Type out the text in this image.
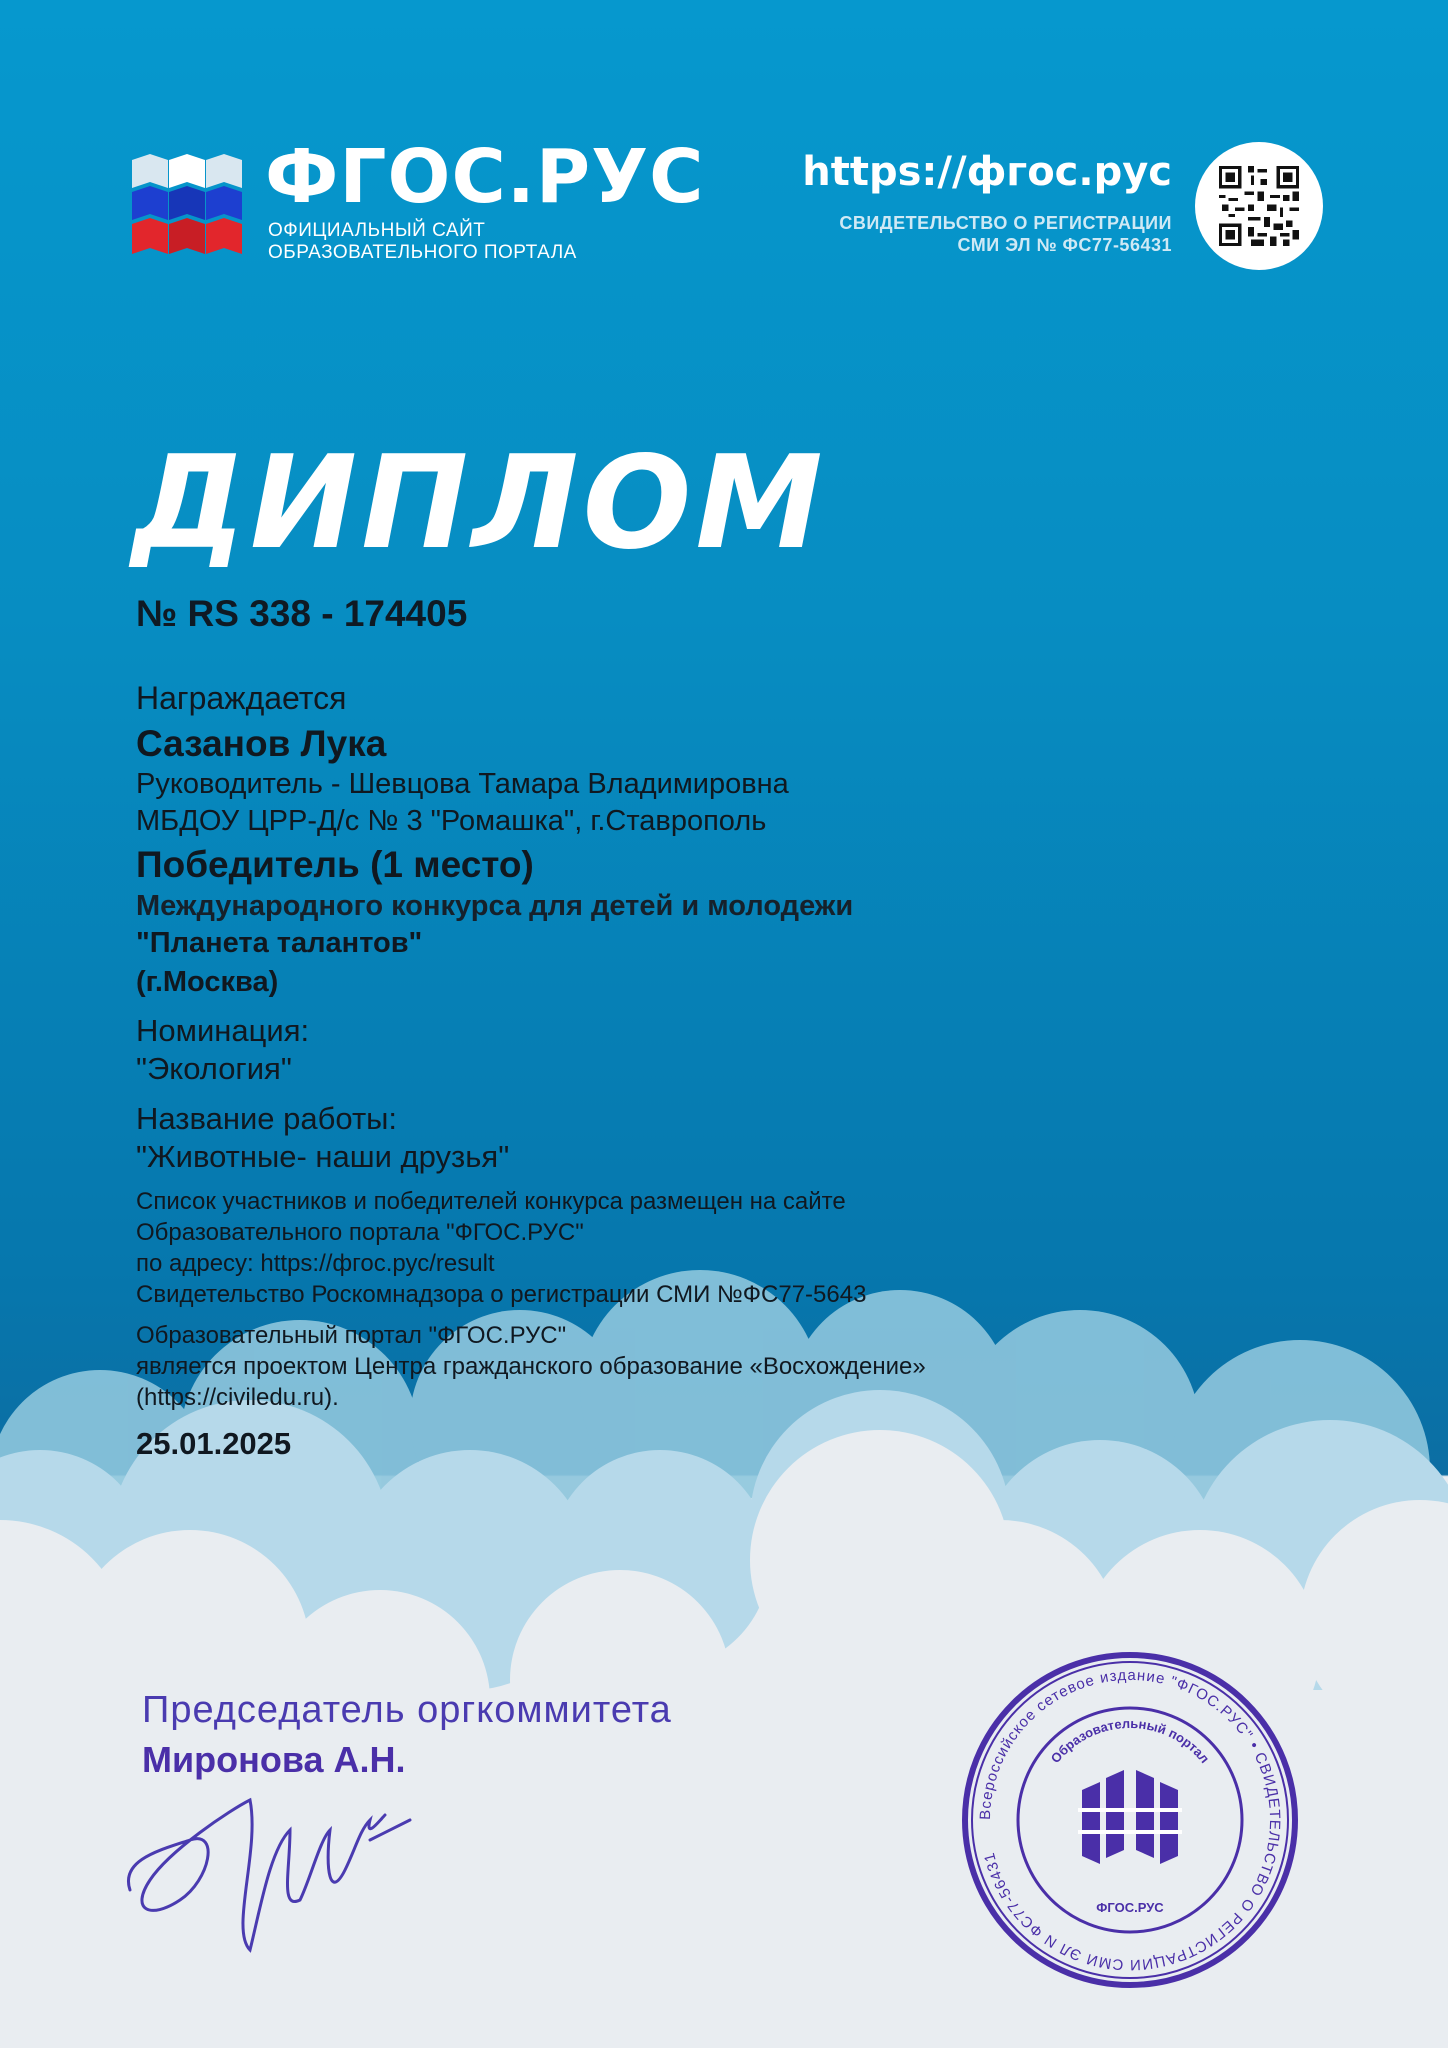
ФГОС.РУС
ОФИЦИАЛЬНЫЙ САЙТ
ОБРАЗОВАТЕЛЬНОГО ПОРТАЛА
https://фгос.рус
СВИДЕТЕЛЬСТВО О РЕГИСТРАЦИИ
СМИ ЭЛ № ФС77-56431
ДИПЛОМ
№ RS 338 - 174405
Награждается
Сазанов Лука
Руководитель - Шевцова Тамара Владимировна
МБДОУ ЦРР-Д/с № 3 "Ромашка", г.Ставрополь
Победитель (1 место)
Международного конкурса для детей и молодежи
"Планета талантов"
(г.Москва)
Номинация:
"Экология"
Название работы:
"Животные- наши друзья"
Список участников и победителей конкурса размещен на сайте
Образовательного портала "ФГОС.РУС"
по адресу: https://фгос.рус/result
Свидетельство Роскомнадзора о регистрации СМИ №ФС77-5643
Образовательный портал "ФГОС.РУС"
является проектом Центра гражданского образование «Восхождение»
(https://civiledu.ru).
25.01.2025
Председатель оргкоммитета
Миронова А.Н.
Всероссийское сетевое издание "ФГОС.РУС" • СВИДЕТЕЛЬСТВО О РЕГИСТРАЦИИ СМИ ЭЛ N ФС77-56431
Образовательный портал
ФГОС.РУС
